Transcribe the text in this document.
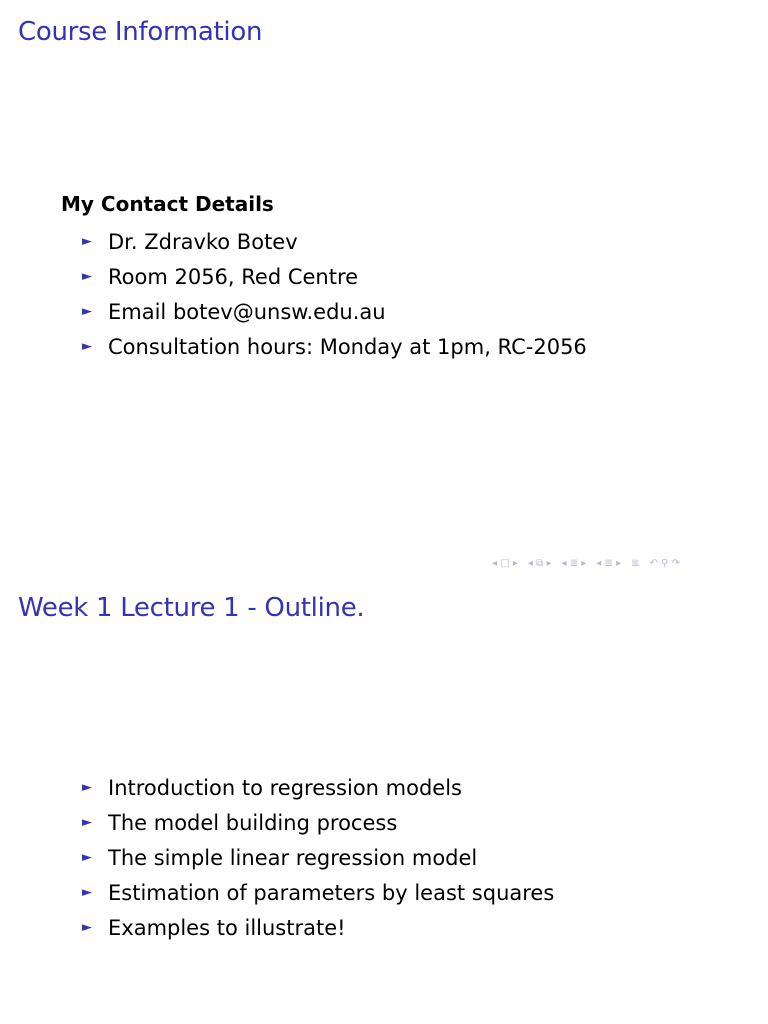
Course Information
My Contact Details
► Dr. Zdravko Botev
► Room 2056, Red Centre
► Email botev@unsw.edu.au
► Consultation hours: Monday at 1pm, RC-2056
◂ □ ▸ ◂ ⧉ ▸ ◂ ≣ ▸ ◂ ≣ ▸ ≣ ↶ ⚲ ↷
Week 1 Lecture 1 - Outline.
► Introduction to regression models
► The model building process
► The simple linear regression model
► Estimation of parameters by least squares
► Examples to illustrate!
